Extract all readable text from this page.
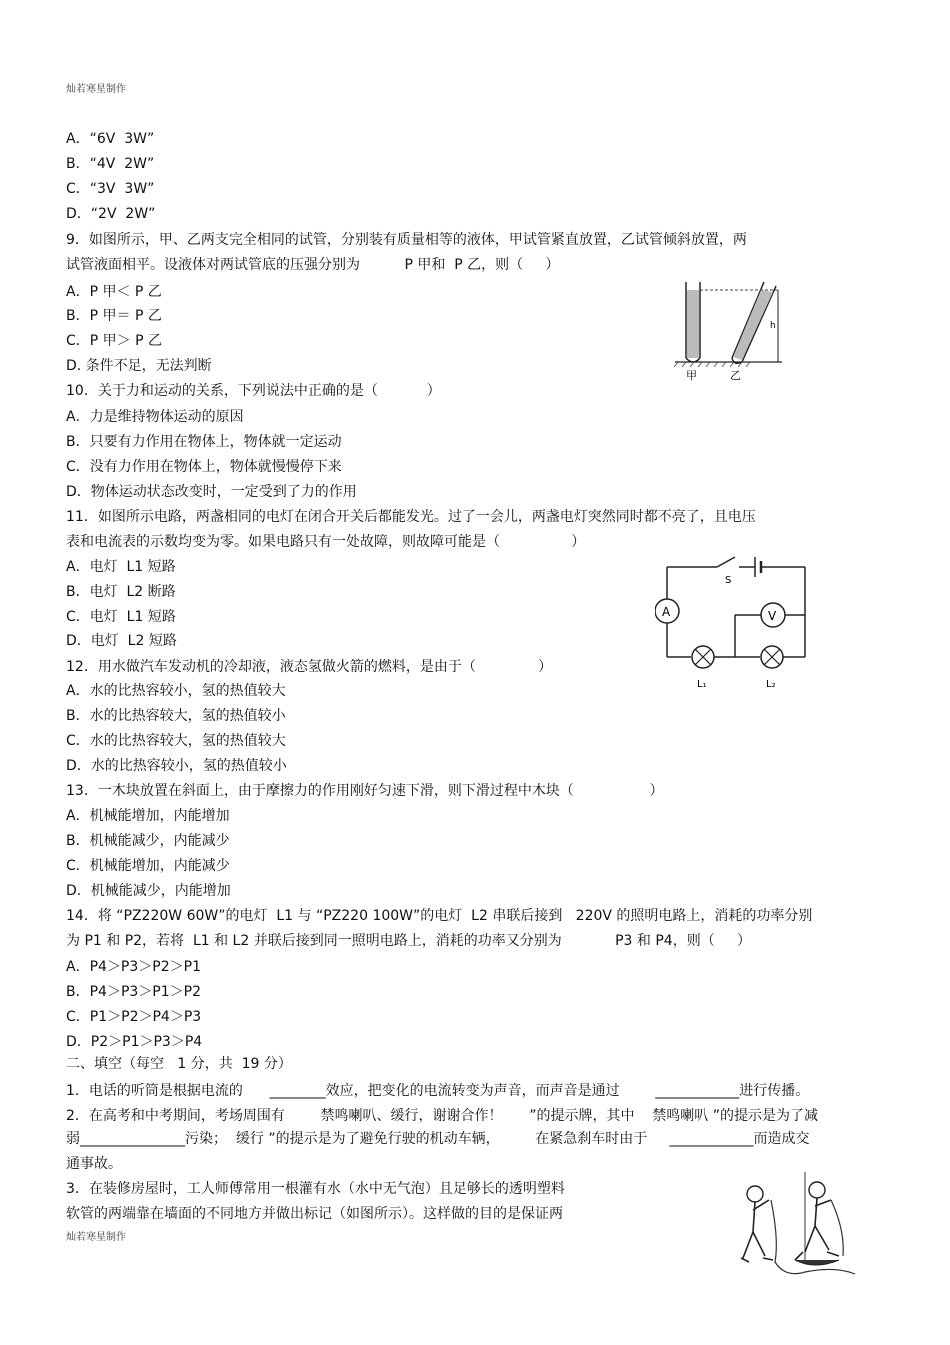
灿若寒星制作
A．“6V  3W”
B．“4V  2W”
C．“3V  3W”
D．“2V  2W”
9．如图所示，甲、乙两支完全相同的试管，分别装有质量相等的液体，甲试管紧直放置，乙试管倾斜放置，两
试管液面相平。设液体对两试管底的压强分别为          P 甲和  P 乙，则（     ）
A．P 甲＜ P 乙
B．P 甲＝ P 乙
C．P 甲＞ P 乙
D. 条件不足，无法判断
10．关于力和运动的关系，下列说法中正确的是（           ）
A．力是维持物体运动的原因
B．只要有力作用在物体上，物体就一定运动
C．没有力作用在物体上，物体就慢慢停下来
D．物体运动状态改变时，一定受到了力的作用
11．如图所示电路，两盏相同的电灯在闭合开关后都能发光。过了一会儿，两盏电灯突然同时都不亮了，且电压
表和电流表的示数均变为零。如果电路只有一处故障，则故障可能是（                ）
A．电灯  L1 短路
B．电灯  L2 断路
C．电灯  L1 短路
D．电灯  L2 短路
12．用水做汽车发动机的冷却液，液态氢做火箭的燃料，是由于（              ）
A．水的比热容较小，氢的热值较大
B．水的比热容较大，氢的热值较小
C．水的比热容较大，氢的热值较大
D．水的比热容较小，氢的热值较小
13．一木块放置在斜面上，由于摩擦力的作用刚好匀速下滑，则下滑过程中木块（                 ）
A．机械能增加，内能增加
B．机械能减少，内能减少
C．机械能增加，内能减少
D．机械能减少，内能增加
14．将 “PZ220W 60W”的电灯  L1 与 “PZ220 100W”的电灯  L2 串联后接到   220V 的照明电路上，消耗的功率分别
为 P1 和 P2，若将  L1 和 L2 并联后接到同一照明电路上，消耗的功率又分别为            P3 和 P4，则（     ）
A．P4＞P3＞P2＞P1
B．P4＞P3＞P1＞P2
C．P1＞P2＞P4＞P3
D．P2＞P1＞P3＞P4
二、填空（每空   1 分，共  19 分）
1．电话的听筒是根据电流的      ________效应，把变化的电流转变为声音，而声音是通过        ____________进行传播。
2．在高考和中考期间，考场周围有        禁鸣喇叭、缓行，谢谢合作！      ”的提示牌，其中    禁鸣喇叭 ”的提示是为了减
弱_______________污染；  缓行 ”的提示是为了避免行驶的机动车辆，        在紧急刹车时由于     ____________而造成交
通事故。
3．在装修房屋时，工人师傅常用一根灌有水（水中无气泡）且足够长的透明塑料
软管的两端靠在墙面的不同地方并做出标记（如图所示）。这样做的目的是保证两
h
甲	乙
A
S
V
L₁	L₂
灿若寒星制作
